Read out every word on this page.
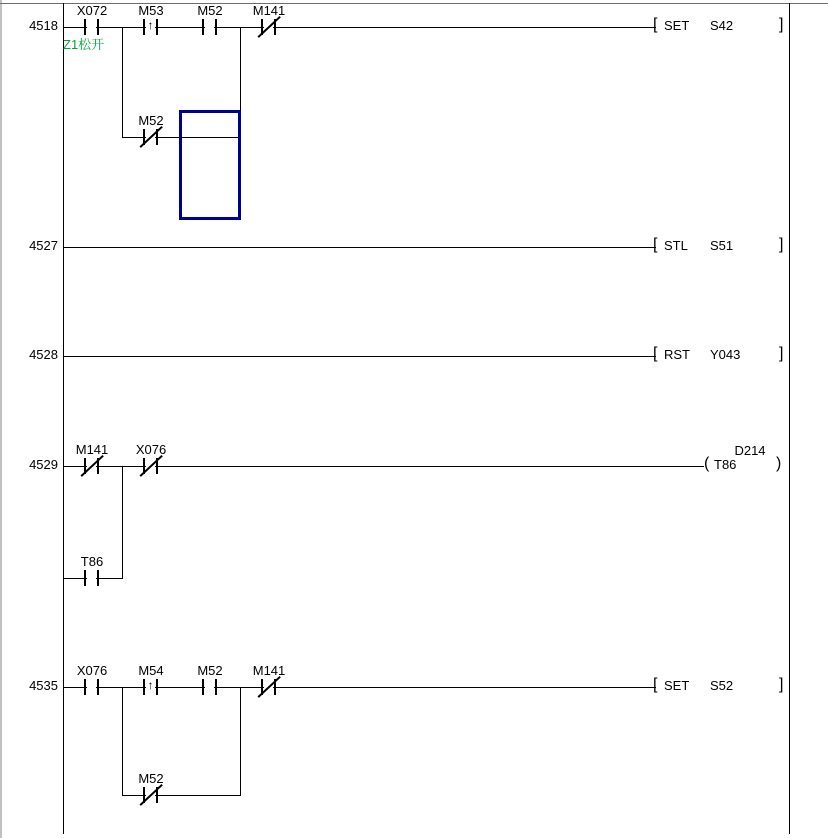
4518
M52
X072
Z1松开
M53
↑
M52	M141
[ SET S42	]
4527	[ STL S51	]
4528	[ RST Y043 ]
4529
T86
M141	X076	D214
( T86 )
4535
M52
X076	M54
↑
M52	M141
[ SET S52	]
